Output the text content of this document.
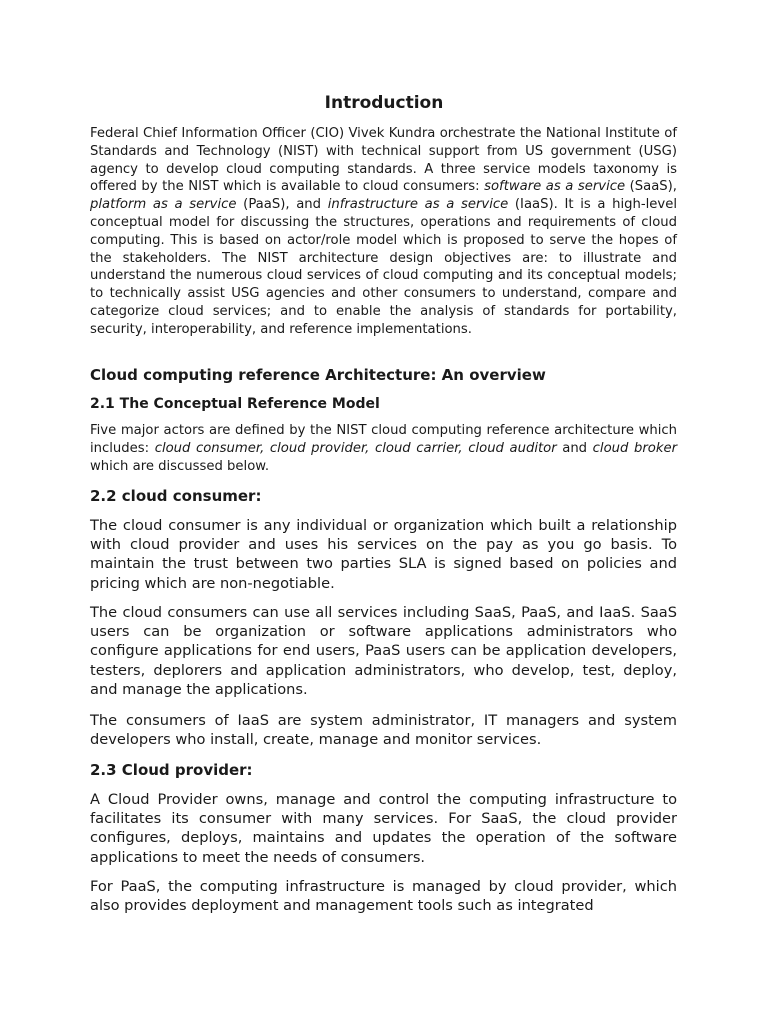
Introduction

Federal Chief Information Officer (CIO) Vivek Kundra orchestrate the National Institute of Standards and Technology (NIST) with technical support from US government (USG) agency to develop cloud computing standards. A three service models taxonomy is offered by the NIST which is available to cloud consumers: software as a service (SaaS), platform as a service (PaaS), and infrastructure as a service (IaaS). It is a high-level conceptual model for discussing the structures, operations and requirements of cloud computing. This is based on actor/role model which is proposed to serve the hopes of the stakeholders. The NIST architecture design objectives are: to illustrate and understand the numerous cloud services of cloud computing and its conceptual models; to technically assist USG agencies and other consumers to understand, compare and categorize cloud services; and to enable the analysis of standards for portability, security, interoperability, and reference implementations.

Cloud computing reference Architecture: An overview
2.1 The Conceptual Reference Model

Five major actors are defined by the NIST cloud computing reference architecture which includes: cloud consumer, cloud provider, cloud carrier, cloud auditor and cloud broker which are discussed below.

2.2 cloud consumer:

The cloud consumer is any individual or organization which built a relationship with cloud provider and uses his services on the pay as you go basis. To maintain the trust between two parties SLA is signed based on policies and pricing which are non-negotiable.

The cloud consumers can use all services including SaaS, PaaS, and IaaS. SaaS users can be organization or software applications administrators who configure applications for end users, PaaS users can be application developers, testers, deplorers and application administrators, who develop, test, deploy, and manage the applications.

The consumers of IaaS are system administrator, IT managers and system developers who install, create, manage and monitor services.

2.3 Cloud provider:

A Cloud Provider owns, manage and control the computing infrastructure to facilitates its consumer with many services. For SaaS, the cloud provider configures, deploys, maintains and updates the operation of the software applications to meet the needs of consumers.

For PaaS, the computing infrastructure is managed by cloud provider, which also provides deployment and management tools such as integrated
